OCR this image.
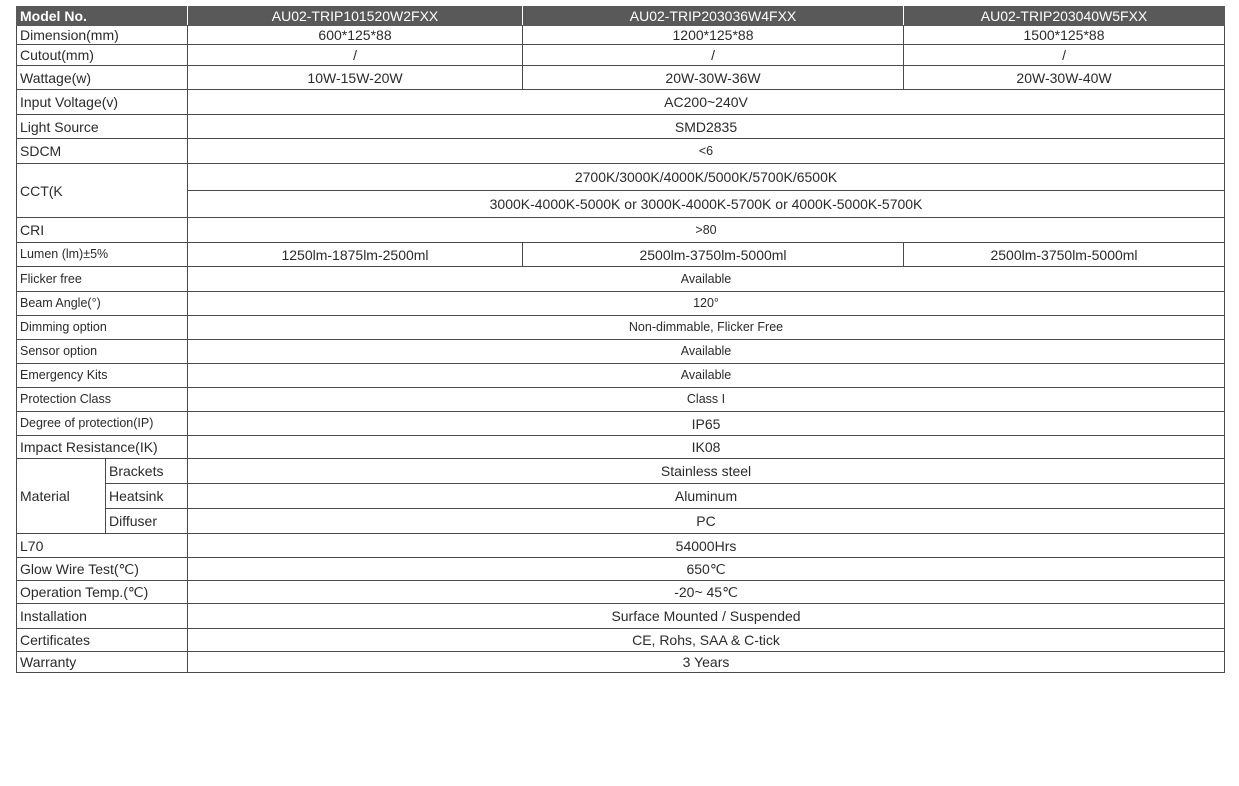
Model No.		AU02-TRIP101520W2FXX	AU02-TRIP203036W4FXX	AU02-TRIP203040W5FXX
Dimension(mm)		600*125*88	1200*125*88	1500*125*88
Cutout(mm)		/	/	/
Wattage(w)		10W-15W-20W	20W-30W-36W	20W-30W-40W
Input Voltage(v)		AC200~240V		
Light Source		SMD2835		
SDCM		<6		
CCT(K		2700K/3000K/4000K/5000K/5700K/6500K		
		3000K-4000K-5000K or 3000K-4000K-5700K or 4000K-5000K-5700K		
CRI		>80		
Lumen (lm)±5%		1250lm-1875lm-2500ml	2500lm-3750lm-5000ml	2500lm-3750lm-5000ml
Flicker free		Available		
Beam Angle(°)		120°		
Dimming option		Non-dimmable, Flicker Free		
Sensor option		Available		
Emergency Kits		Available		
Protection Class		Class I		
Degree of protection(IP)		IP65		
Impact Resistance(IK)		IK08		
Material	Brackets	Stainless steel		
	Heatsink	Aluminum		
	Diffuser	PC		
L70		54000Hrs		
Glow Wire Test(℃)		650℃		
Operation Temp.(℃)		-20~ 45℃		
Installation		Surface Mounted / Suspended		
Certificates		CE, Rohs, SAA & C-tick		
Warranty		3 Years		
